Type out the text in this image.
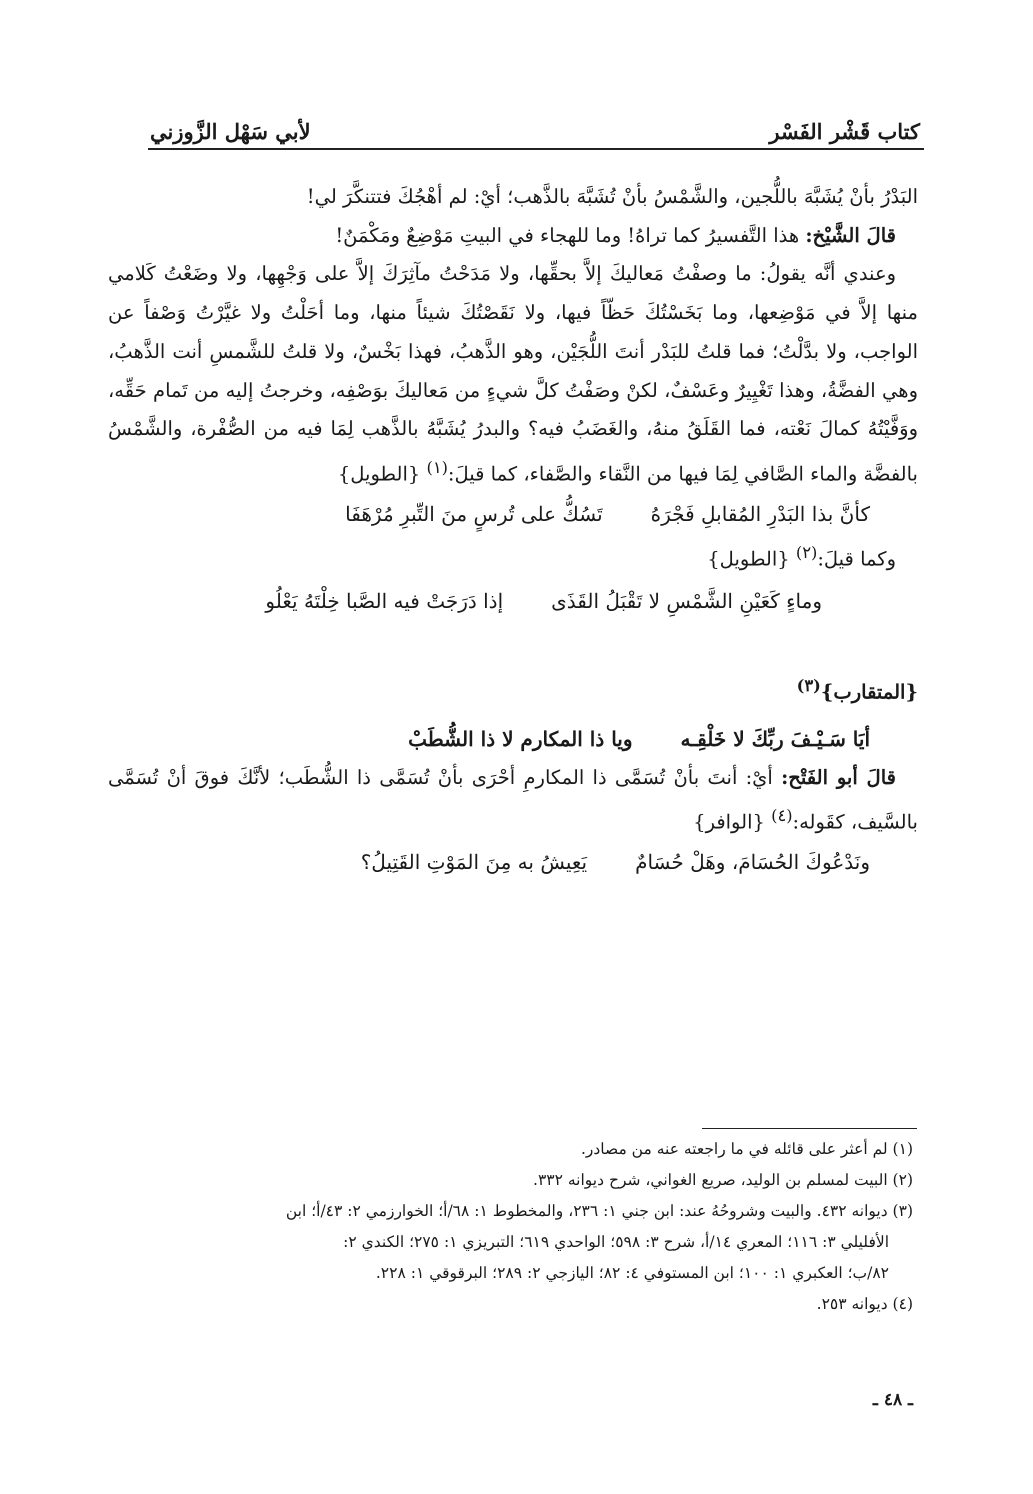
كتاب قَشْر الفَسْر
لأبي سَهْل الزَّوزني

البَدْرُ بأنْ يُشَبَّهَ باللُّجين، والشَّمْسُ بأنْ تُشَبَّهَ بالذَّهب؛ أيْ: لم أهْجُكَ فتتنكَّرَ لي!

قالَ الشَّيْخ: هذا التَّفسيرُ كما تراهُ! وما للهجاء في البيتِ مَوْضِعٌ ومَكْمَنٌ!

وعندي أنَّه يقولُ: ما وصفْتُ مَعاليكَ إلاَّ بحقِّها، ولا مَدَحْتُ مآثِرَكَ إلاَّ على وَجْهِها، ولا وضَعْتُ كَلامي منها إلاَّ في مَوْضِعها، وما بَخَسْتُكَ حَظّاً فيها، ولا نَقَصْتُكَ شيئاً منها، وما أحَلْتُ ولا غيَّرْتُ وَصْفاً عن الواجب، ولا بدَّلْتُ؛ فما قلتُ للبَدْر أنتَ اللُّجَيْن، وهو الذَّهبُ، فهذا بَخْسٌ، ولا قلتُ للشَّمسِ أنت الذَّهبُ، وهي الفضَّةُ، وهذا تَغْيِيرٌ وعَسْفٌ، لكنْ وصَفْتُ كلَّ شيءٍ من مَعاليكَ بوَصْفِه، وخرجتُ إليه من تَمام حَقِّه، ووَفَّيْتُهُ كمالَ نَعْته، فما القَلَقُ منهُ، والغَضَبُ فيه؟ والبدرُ يُشَبَّهُ بالذَّهب لِمَا فيه من الصُّفْرة، والشَّمْسُ بالفضَّة والماء الصَّافي لِمَا فيها من النَّقاء والصَّفاء، كما قيلَ:$^{(١)}$ {الطويل}

كأنَّ بذا البَدْرِ المُقابلِ فَجْرَهُ
تَسُكُّ على تُرسٍ منَ التِّبرِ مُرْهَفَا

وكما قيلَ:$^{(٢)}$ {الطويل}

وماءٍ كَعَيْنِ الشَّمْسِ لا تَقْبَلُ القَذَى
إذا دَرَجَتْ فيه الصَّبا خِلْتَهُ يَعْلُو

{المتقارب}$^{(٣)}$

أيَا سَـيْـفَ ربِّكَ لا خَلْقِـه
ويا ذا المكارم لا ذا الشُّطَبْ

قالَ أبو الفَتْح: أيْ: أنتَ بأنْ تُسَمَّى ذا المكارمِ أحْرَى بأنْ تُسَمَّى ذا الشُّطَب؛ لأنَّكَ فوقَ أنْ تُسَمَّى بالسَّيف، كقَوله:$^{(٤)}$ {الوافر}

ونَدْعُوكَ الحُسَامَ، وهَلْ حُسَامٌ
يَعِيشُ به مِنَ المَوْتِ القَتِيلُ؟

(١) لم أعثر على قائله في ما راجعته عنه من مصادر.

(٢) البيت لمسلم بن الوليد، صريع الغواني، شرح ديوانه ٣٣٢.

(٣) ديوانه ٤٣٢. والبيت وشروحُهُ عند: ابن جني ١: ٢٣٦، والمخطوط ١: ٦٨/أ؛ الخوارزمي ٢: ٤٣/أ؛ ابن

الأفليلي ٣: ١١٦؛ المعري ١٤/أ، شرح ٣: ٥٩٨؛ الواحدي ٦١٩؛ التبريزي ١: ٢٧٥؛ الكندي ٢:

٨٢/ب؛ العكبري ١: ١٠٠؛ ابن المستوفي ٤: ٨٢؛ اليازجي ٢: ٢٨٩؛ البرقوقي ١: ٢٢٨.

(٤) ديوانه ٢٥٣.

ـ ٤٨ ـ
